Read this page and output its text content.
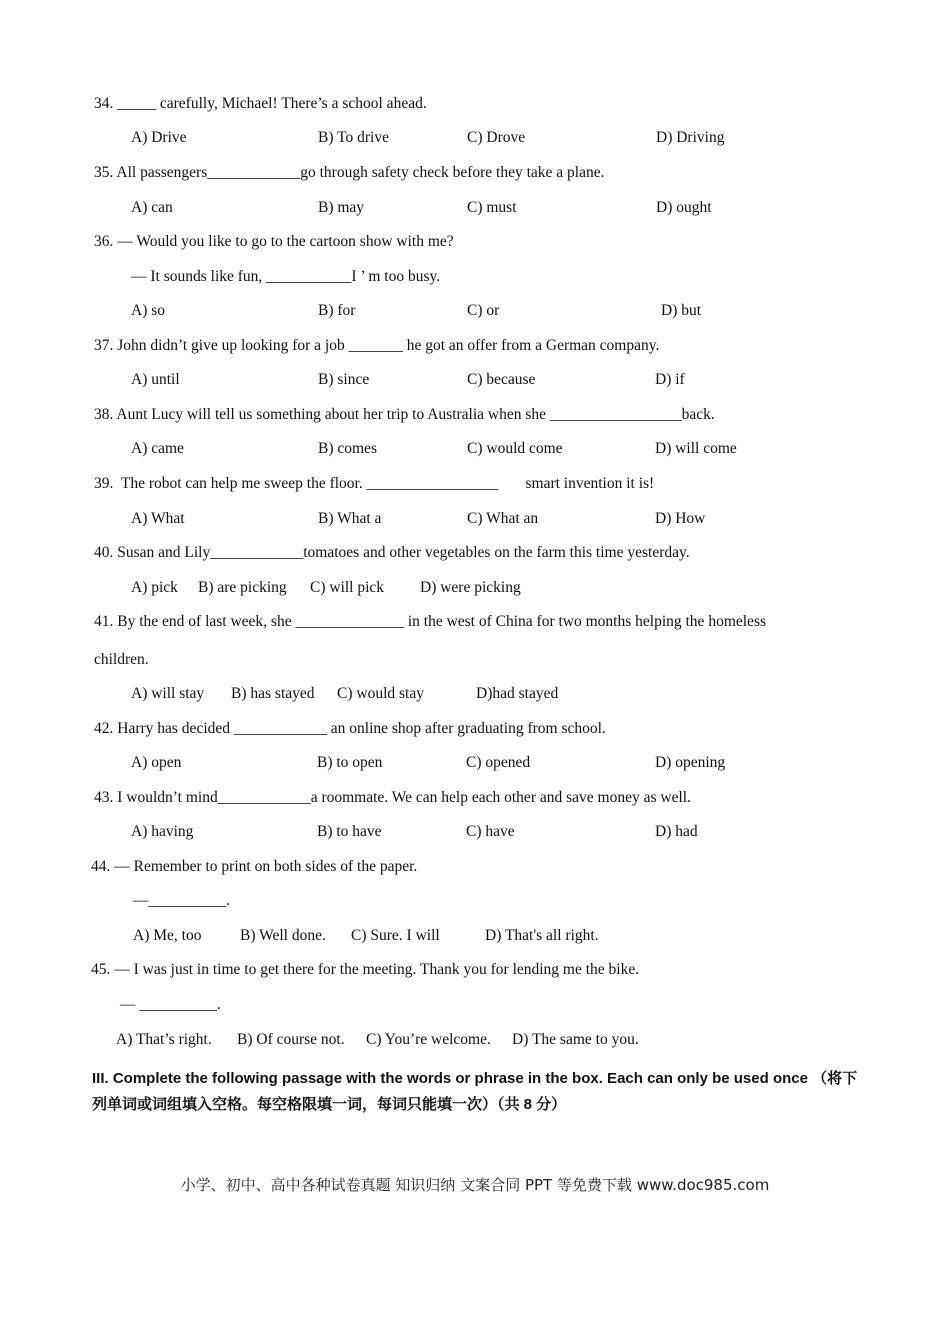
34. _____ carefully, Michael! There’s a school ahead.
A) Drive	B) To drive	C) Drove	D) Driving
35. All passengers____________go through safety check before they take a plane.
A) can	B) may	C) must	D) ought
36. — Would you like to go to the cartoon show with me?
— It sounds like fun, ___________I ’ m too busy.
A) so	B) for	C) or	D) but
37. John didn’t give up looking for a job _______ he got an offer from a German company.
A) until	B) since	C) because	D) if
38. Aunt Lucy will tell us something about her trip to Australia when she _________________back.
A) came	B) comes	C) would come	D) will come
39.  The robot can help me sweep the floor. _________________       smart invention it is!
A) What	B) What a	C) What an	D) How
40. Susan and Lily____________tomatoes and other vegetables on the farm this time yesterday.
A) pick B) are picking C) will pick D) were picking
41. By the end of last week, she ______________ in the west of China for two months helping the homeless
children.
A) will stay B) has stayed C) would stay	D)had stayed
42. Harry has decided ____________ an online shop after graduating from school.
A) open	B) to open	C) opened	D) opening
43. I wouldn’t mind____________a roommate. We can help each other and save money as well.
A) having	B) to have	C) have	D) had
44. — Remember to print on both sides of the paper.
—__________.
A) Me, too B) Well done. C) Sure. I will	D) That's all right.
45. — I was just in time to get there for the meeting. Thank you for lending me the bike.
— __________.
A) That’s right. B) Of course not. C) You’re welcome. D) The same to you.
III. Complete the following passage with the words or phrase in the box. Each can only be used once （将下列单词或词组填入空格。每空格限填一词，每词只能填一次）（共 8 分）
小学、初中、高中各种试卷真题 知识归纳 文案合同 PPT 等免费下载 www.doc985.com
